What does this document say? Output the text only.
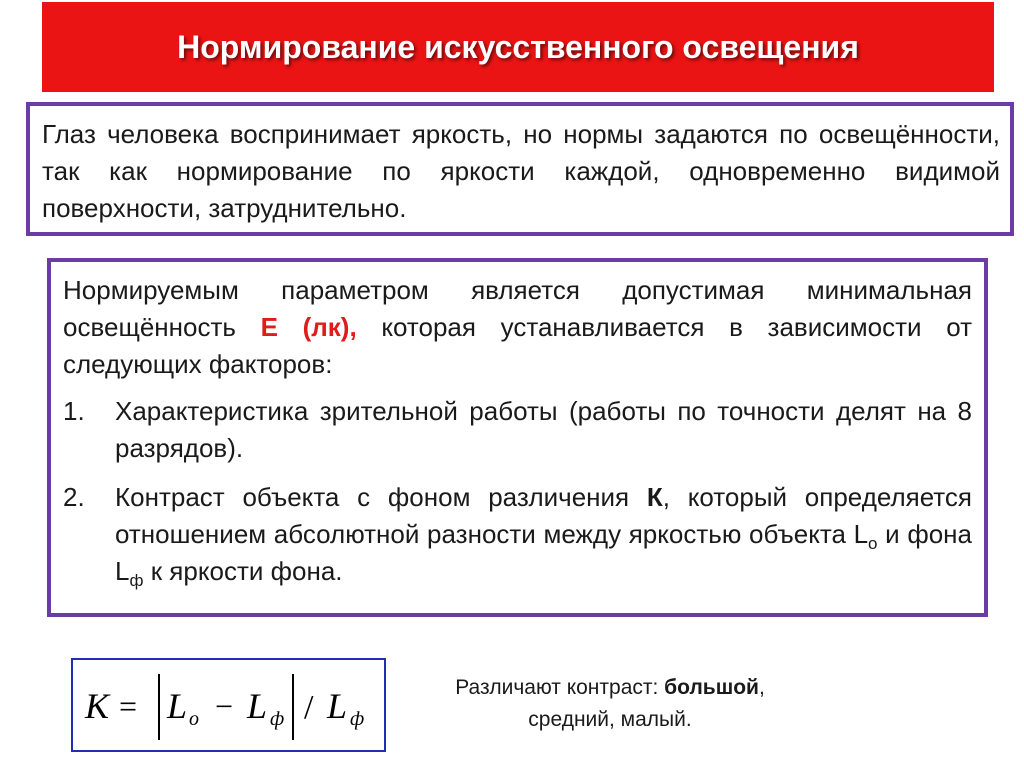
Нормирование искусственного освещения

Глаз человека воспринимает яркость, но нормы задаются по освещённости, так как нормирование по яркости каждой, одновременно видимой поверхности, затруднительно.

Нормируемым параметром является допустимая минимальная освещённость Е (лк), которая устанавливается в зависимости от следующих факторов:

1.	Характеристика зрительной работы (работы по точности делят на 8 разрядов).
2.	Контраст объекта с фоном различения К, который определяется отношением абсолютной разности между яркостью объекта $L_o$ и фона $L_ф$ к яркости фона.
K = L o − L ф / L ф
Различают контраст: большой,
средний, малый.
